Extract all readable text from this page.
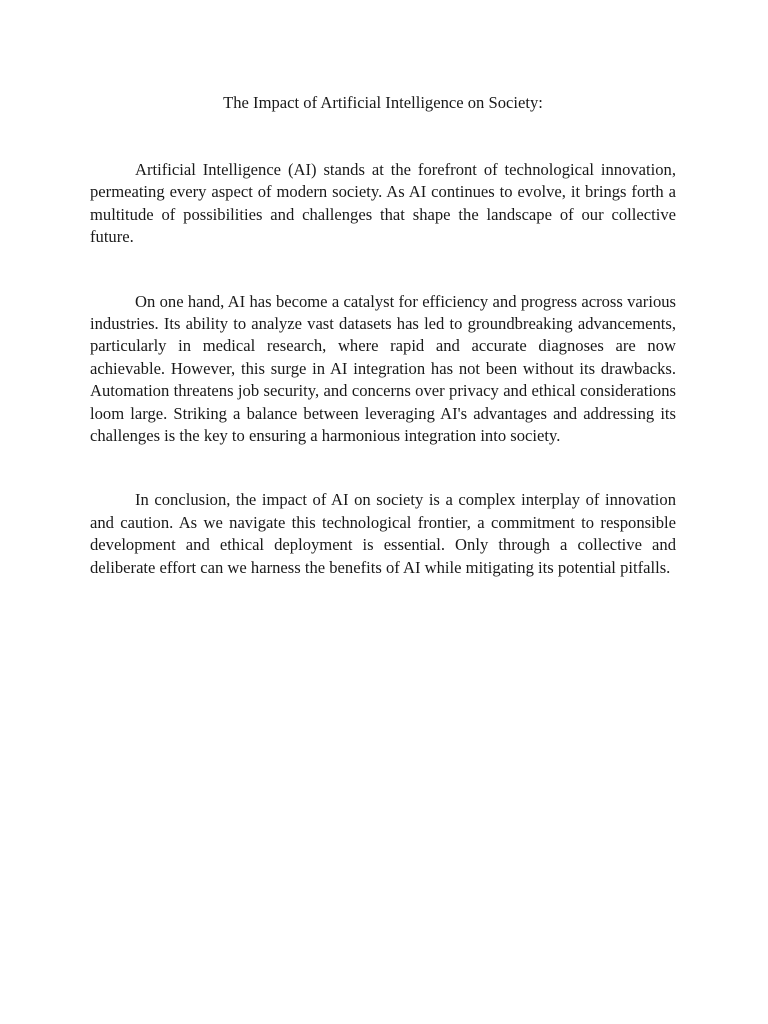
The Impact of Artificial Intelligence on Society:

Artificial Intelligence (AI) stands at the forefront of technological innovation, permeating every aspect of modern society. As AI continues to evolve, it brings forth a multitude of possibilities and challenges that shape the landscape of our collective future.

On one hand, AI has become a catalyst for efficiency and progress across various industries. Its ability to analyze vast datasets has led to groundbreaking advancements, particularly in medical research, where rapid and accurate diagnoses are now achievable. However, this surge in AI integration has not been without its drawbacks. Automation threatens job security, and concerns over privacy and ethical considerations loom large. Striking a balance between leveraging AI's advantages and addressing its challenges is the key to ensuring a harmonious integration into society.

In conclusion, the impact of AI on society is a complex interplay of innovation and caution. As we navigate this technological frontier, a commitment to responsible development and ethical deployment is essential. Only through a collective and deliberate effort can we harness the benefits of AI while mitigating its potential pitfalls.
